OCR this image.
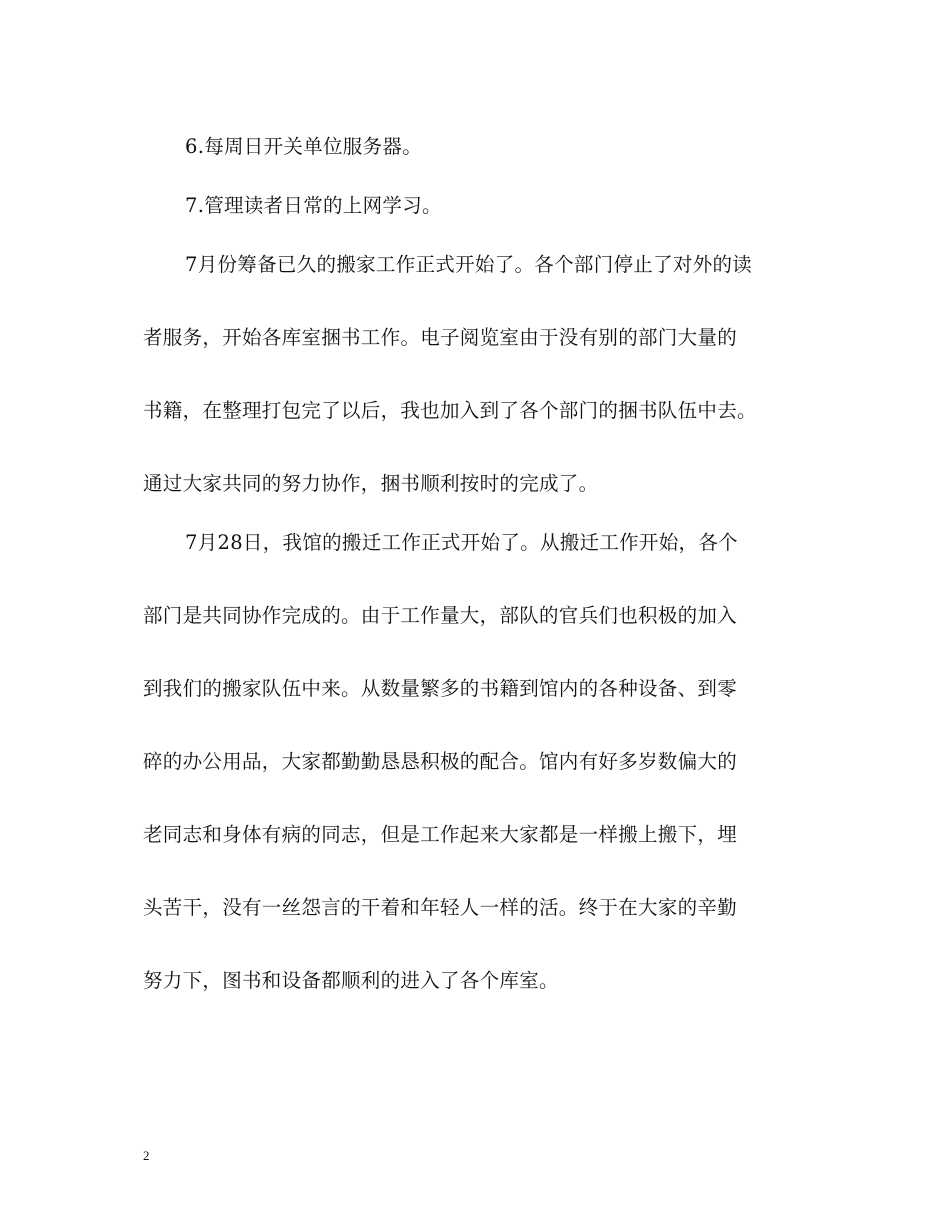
6.每周日开关单位服务器。
7.管理读者日常的上网学习。
7月份筹备已久的搬家工作正式开始了。各个部门停止了对外的读
者服务，开始各库室捆书工作。电子阅览室由于没有别的部门大量的
书籍，在整理打包完了以后，我也加入到了各个部门的捆书队伍中去。
通过大家共同的努力协作，捆书顺利按时的完成了。
7月28日，我馆的搬迁工作正式开始了。从搬迁工作开始，各个
部门是共同协作完成的。由于工作量大，部队的官兵们也积极的加入
到我们的搬家队伍中来。从数量繁多的书籍到馆内的各种设备、到零
碎的办公用品，大家都勤勤恳恳积极的配合。馆内有好多岁数偏大的
老同志和身体有病的同志，但是工作起来大家都是一样搬上搬下，埋
头苦干，没有一丝怨言的干着和年轻人一样的活。终于在大家的辛勤
努力下，图书和设备都顺利的进入了各个库室。
2
